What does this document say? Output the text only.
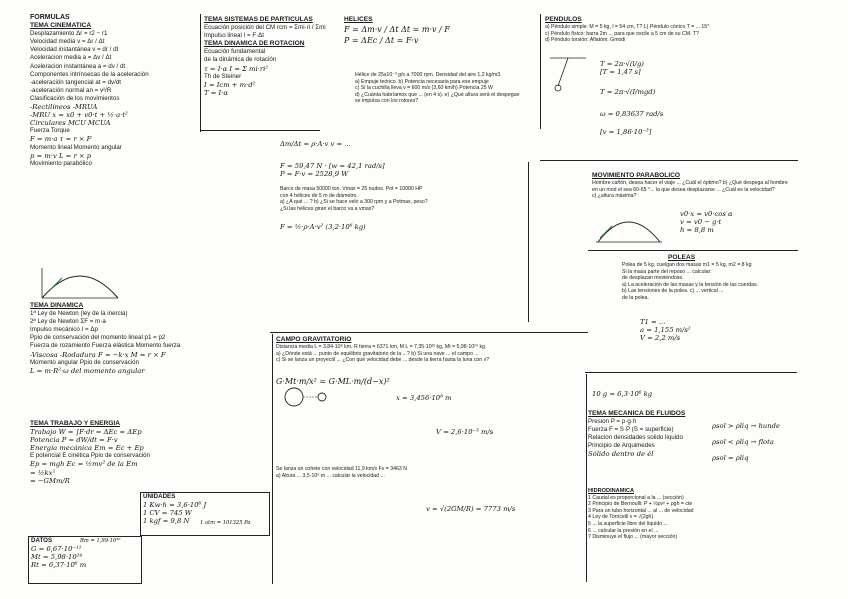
FORMULAS
TEMA CINEMATICA
Desplazamiento Δr = r2 − r1
Velocidad media v = Δr / Δt
Velocidad instantánea v = dr / dt
Aceleracion media a = Δv / Δt
Aceleracion instantánea a = dv / dt
Componentes intrínsecas de la aceleración
-aceleración tangencial at = dv/dt
-aceleración normal an = v²/R
Clasificación de los movimientos
-Rectilíneos -MRUA
-MRU x = x0 + v0·t + ½·a·t²
Circulares MCU MCUA
Fuerza Torque
F = m·a τ = r × F
Momento lineal Momento angular
p = m·v L = r × p
Movimiento parabólico
TEMA DINAMICA
1ª Ley de Newton (ley de la inercia)
2ª Ley de Newton ΣF = m·a
Impulso mecánico I = Δp
Ppio de conservación del momento lineal p1 = p2
Fuerza de rozamiento Fuerza elástica Momento fuerza
-Viscosa -Rodadura F = −k·x M = r × F
Momento angular Ppio de conservación
L = m·R²·ω del momento angular
TEMA TRABAJO Y ENERGIA
Trabajo W = ∫F·dr = ΔEc = ΔEp
Potencia P = dW/dt = F·v
Energía mecánica Em = Ec + Ep
E potencial E cinética Ppio de conservación
Ep = mgh Ec = ½mv² de la Em
= ½kx²
= −GMm/R
UNIDADES
1 Kw·h = 3,6·10⁶ J
1 CV = 745 W
1 kgf = 9,8 N	1 atm = 101325 Pa
DATOS
G = 6,67·10⁻¹¹
Mt = 5,98·10²⁴
Rt = 6,37·10⁶ m
Rm = 1,99·10³⁰
TEMA SISTEMAS DE PARTICULAS
Ecuación posición del CM rcm = Σmi·ri / Σmi
Impulso lineal I = F·Δt
TEMA DINAMICA DE ROTACION
Ecuación fundamental
de la dinámica de rotación
τ = I·α I = Σ mi·ri²
Th de Steiner
I = Icm + m·d²
T = I·α
HELICES
F = Δm·v / Δt Δt = m·v / F
P = ΔEc / Δt = F·v
Hélice de 25x10⁻³ g/s a 7000 rpm. Densidad del aire 1,2 kg/m3.
a) Empuje teórico. b) Potencia necesaria para ese empuje
c) Si la cuchilla lleva v = 600 m/s (3,60 km/h) Potencia 25 W
d) ¿Cuánta habríamos que ... (en 4 s). e) ¿Qué altura será el despegue
se impulsa con los rotores?
Δm/Δt = ρ·A·v v = ...
F = 59,47 N · [w = 42,1 rad/s]
P = F·v = 2528,9 W
Barco de masa 50000 ton. Vmax = 25 nudos. Pot = 10000 HP
con 4 hélices de 5 m de diámetro.
a) ¿A qué ... ? b) ¿Si se hace velo a 300 rpm y a Potmax, peso?
¿Si las hélices giran el barco va a vmax?
F = ½·ρ·A·v² (3,2·10⁶ kg)
PENDULOS
a) Péndulo simple: M = 5 kg, l = 54 cm, T? L) Péndulo cónico T = ... 15°
c) Péndulo físico: barra 2m ... para que oscile a 5 cm de su CM. T?
d) Péndulo torsión: Aflatóm. Gmodi
T = 2π·√(l/g)
[T = 1,47 s]
T = 2π·√(I/mgd)
ω = 0,83637 rad/s
[v = 1,86·10⁻³]
MOVIMIENTO PARABOLICO
Hombre cañón, desea hacer el viaje ... ¿Cuál el óptimo? b) ¿Qué despega al hombre
en un mod el sea 60-65 °... la que desea desplazarse ... ¿Cuál es la velocidad?
c) ¿altura máxima?
v0·x = v0·cos α
v = v0 − g·t
h = 8,8 m
POLEAS
Polea de 5 kg, cuelgan dos masas m1 = 5 kg, m2 = 8 kg
Si la masa parte del reposo ... calcular:
de desplazan moviéndose.
a) La aceleración de las masas y la tensión de las cuerdas.
b) Las tensiones de la polea. c) ... vertical ...
de la polea.
T1 = ...
a = 1,155 m/s²
V = 2,2 m/s
10 g = 6,3·10⁶ kg
TEMA MECANICA DE FLUIDOS
Presion P = ρ·g·h
Fuerza F = S·P (S = superficie)
Relacion densidades solido liquido
Principio de Arquimedes
Sólido dentro de él
ρsol > ρliq → hunde
ρsol < ρliq → flota
ρsol = ρliq
HIDRODINAMICA
1 Caudal es proporcional a la ... (sección)
2 Principio de Bernoulli: P + ½ρv² + ρgh = cte
3 Para un tubo horizontal ... al ... de velocidad
4 Ley de Torricelli v = √(2gh)
5 ... la superficie libre del líquido ...
6 ... calcular la presión en el ...
7 Disminuye el flujo ... (mayor sección)
CAMPO GRAVITATORIO
Distancia media L = 3,84·10⁸ km, R tierra = 6371 km, M L = 7,35·10²² kg, Mt = 5,98·10²⁴ kg
a) ¿Dónde está ... punto de equilibrio gravitatorio de la ...? b) Si una nave ... el campo ...
c) Si se lanza un proyectil ... ¿Con qué velocidad debe ... desde la tierra hasta la luna con v?
G·Mt·m/x² = G·ML·m/(d−x)²
x = 3,456·10⁸ m
V = 2,6·10⁻³ m/s
Se lanza un cohete con velocidad 11,9 km/s Fv = 3463 N
a) Altura ... 3,5·10⁶ m ... calcular la velocidad ...
v = √(2GM/R) = 7773 m/s
